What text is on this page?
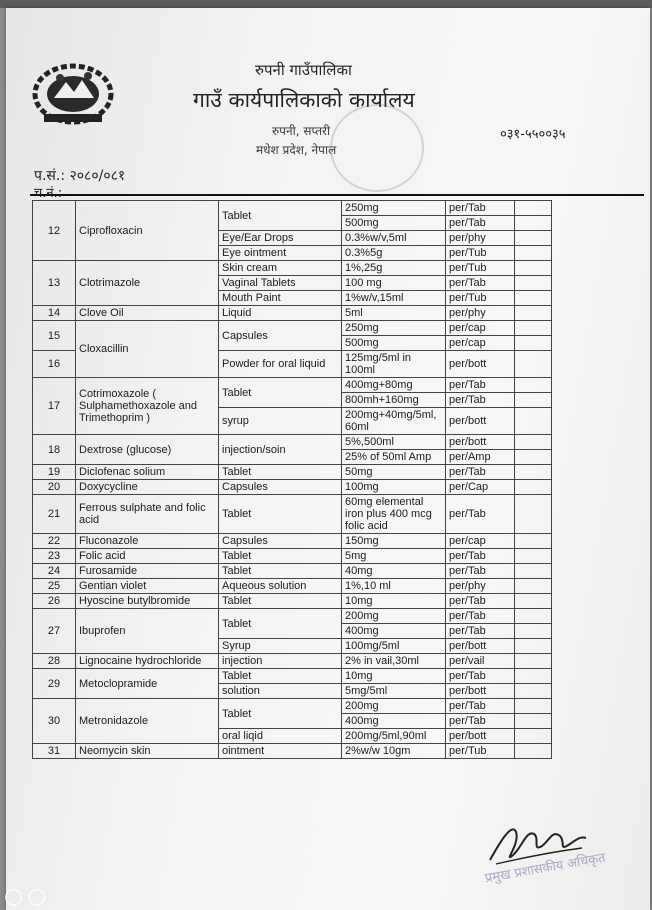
रुपनी गाउँपालिका
गाउँ कार्यपालिकाको कार्यालय
रुपनी, सप्तरी
मधेश प्रदेश, नेपाल
०३१-५५००३५
प.सं.: २०८०/०८१
12	Ciprofloxacin	Tablet	250mg	per/Tab	
			500mg	per/Tab	
		Eye/Ear Drops	0.3%w/v,5ml	per/phy	
		Eye ointment	0.3%5g	per/Tub	
13	Clotrimazole	Skin cream	1%,25g	per/Tub	
		Vaginal Tablets	100 mg	per/Tab	
		Mouth Paint	1%w/v,15ml	per/Tub	
14	Clove Oil	Liquid	5ml	per/phy	
15	Cloxacillin	Capsules	250mg	per/cap	
			500mg	per/cap	
16		Powder for oral liquid	125mg/5ml in 100ml	per/bott	
17	Cotrimoxazole ( Sulphamethoxazole and Trimethoprim )	Tablet	400mg+80mg	per/Tab	
			800mh+160mg	per/Tab	
		syrup	200mg+40mg/5ml, 60ml	per/bott	
18	Dextrose (glucose)	injection/soin	5%,500ml	per/bott	
			25% of 50ml Amp	per/Amp	
19	Diclofenac solium	Tablet	50mg	per/Tab	
20	Doxycycline	Capsules	100mg	per/Cap	
21	Ferrous sulphate and folic acid	Tablet	60mg elemental iron plus 400 mcg folic acid	per/Tab	
22	Fluconazole	Capsules	150mg	per/cap	
23	Folic acid	Tablet	5mg	per/Tab	
24	Furosamide	Tablet	40mg	per/Tab	
25	Gentian violet	Aqueous solution	1%,10 ml	per/phy	
26	Hyoscine butylbromide	Tablet	10mg	per/Tab	
27	Ibuprofen	Tablet	200mg	per/Tab	
			400mg	per/Tab	
		Syrup	100mg/5ml	per/bott	
28	Lignocaine hydrochloride	injection	2% in vail,30ml	per/vail	
29	Metoclopramide	Tablet	10mg	per/Tab	
		solution	5mg/5ml	per/bott	
30	Metronidazole	Tablet	200mg	per/Tab	
			400mg	per/Tab	
		oral liqid	200mg/5ml,90ml	per/bott	
31	Neomycin skin	ointment	2%w/w 10gm	per/Tub	
प्रमुख प्रशासकीय अधिकृत
○○
